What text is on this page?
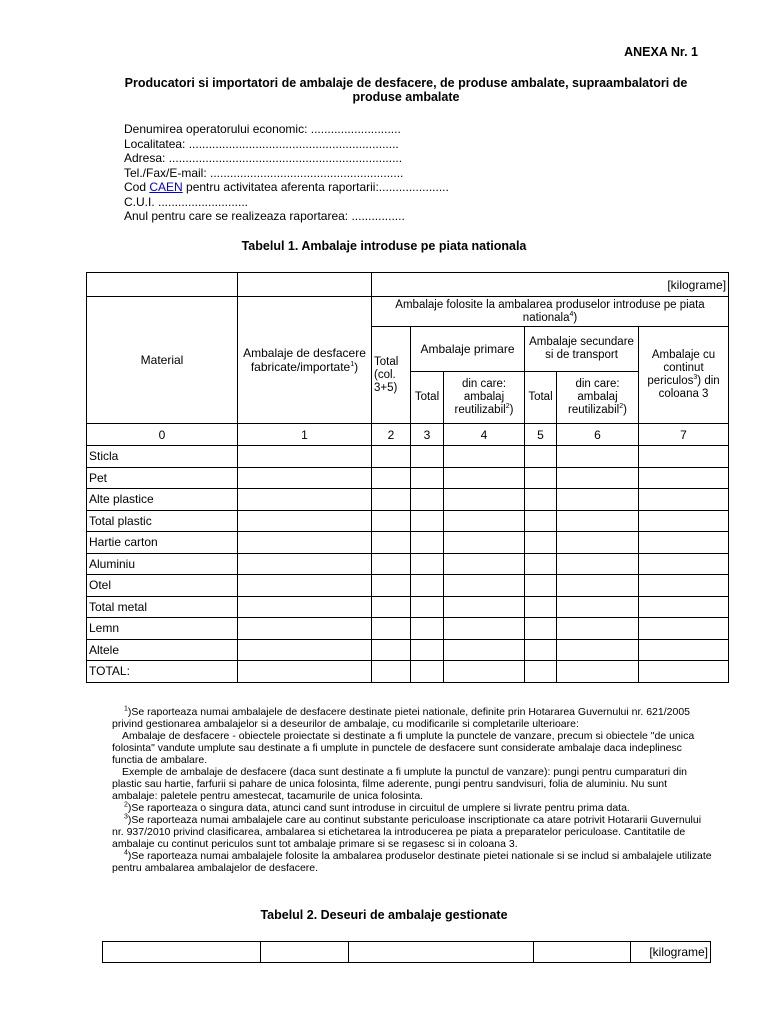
ANEXA Nr. 1
Producatori si importatori de ambalaje de desfacere, de produse ambalate, supraambalatori de produse ambalate
Denumirea operatorului economic: ...........................
Localitatea: ...............................................................
Adresa: ......................................................................
Tel./Fax/E-mail: ..........................................................
Cod CAEN pentru activitatea aferenta raportarii:.....................
C.U.I. ...........................
Anul pentru care se realizeaza raportarea: ................
Tabelul 1. Ambalaje introduse pe piata nationala
		[kilograme]					
Material	Ambalaje de desfacere fabricate/importate$^1$)	Ambalaje folosite la ambalarea produselor introduse pe piata nationala$^4$)					
		Total (col. 3+5)	Ambalaje primare		Ambalaje secundare si de transport		Ambalaje cu continut periculos$^3$) din coloana 3
			Total	din care: ambalaj reutilizabil$^2$)	Total	din care: ambalaj reutilizabil$^2$)	
0	1	2	3	4	5	6	7
Sticla							
Pet							
Alte plastice							
Total plastic							
Hartie carton							
Aluminiu							
Otel							
Total metal							
Lemn							
Altele							
TOTAL:							

$^1$)Se raporteaza numai ambalajele de desfacere destinate pietei nationale, definite prin Hotararea Guvernului nr. 621/2005 privind gestionarea ambalajelor si a deseurilor de ambalaje, cu modificarile si completarile ulterioare:

Ambalaje de desfacere - obiectele proiectate si destinate a fi umplute la punctele de vanzare, precum si obiectele "de unica folosinta" vandute umplute sau destinate a fi umplute in punctele de desfacere sunt considerate ambalaje daca indeplinesc functia de ambalare.

Exemple de ambalaje de desfacere (daca sunt destinate a fi umplute la punctul de vanzare): pungi pentru cumparaturi din plastic sau hartie, farfurii si pahare de unica folosinta, filme aderente, pungi pentru sandvisuri, folia de aluminiu. Nu sunt ambalaje: paletele pentru amestecat, tacamurile de unica folosinta.

$^2$)Se raporteaza o singura data, atunci cand sunt introduse in circuitul de umplere si livrate pentru prima data.

$^3$)Se raporteaza numai ambalajele care au continut substante periculoase inscriptionate ca atare potrivit Hotararii Guvernului nr. 937/2010 privind clasificarea, ambalarea si etichetarea la introducerea pe piata a preparatelor periculoase. Cantitatile de ambalaje cu continut periculos sunt tot ambalaje primare si se regasesc si in coloana 3.

$^4$)Se raporteaza numai ambalajele folosite la ambalarea produselor destinate pietei nationale si se includ si ambalajele utilizate pentru ambalarea ambalajelor de desfacere.

Tabelul 2. Deseuri de ambalaje gestionate
				[kilograme]
